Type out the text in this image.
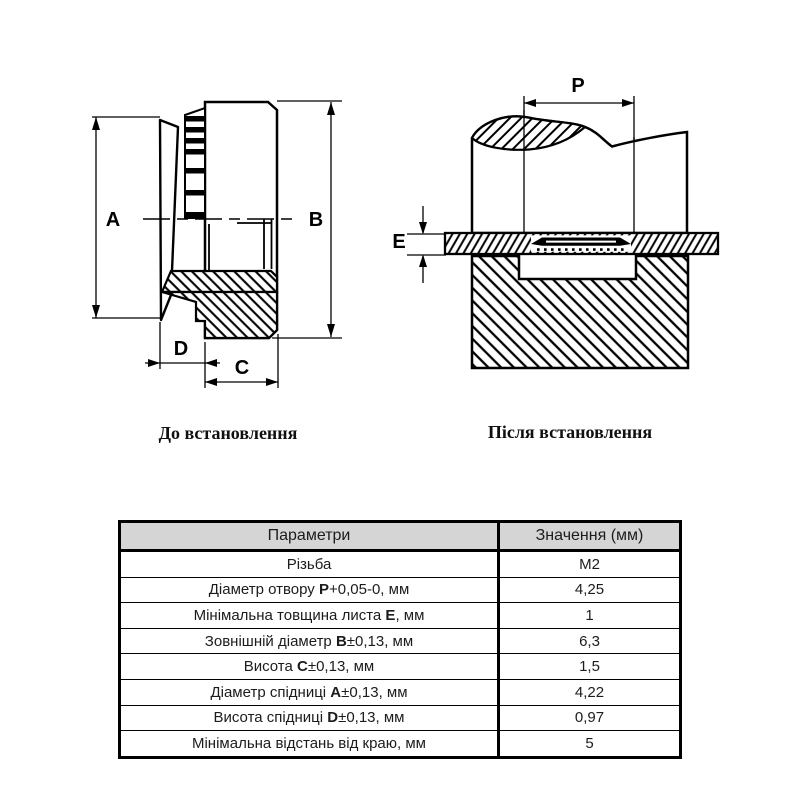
A	B
D
C
P
E
До встановлення	Після встановлення
Параметри	Значення (мм)
Різьба	М2
Діаметр отвору Р+0,05-0, мм	4,25
Мінімальна товщина листа Е, мм	1
Зовнішній діаметр В±0,13, мм	6,3
Висота С±0,13, мм	1,5
Діаметр спідниці А±0,13, мм	4,22
Висота спідниці D±0,13, мм	0,97
Мінімальна відстань від краю, мм	5
